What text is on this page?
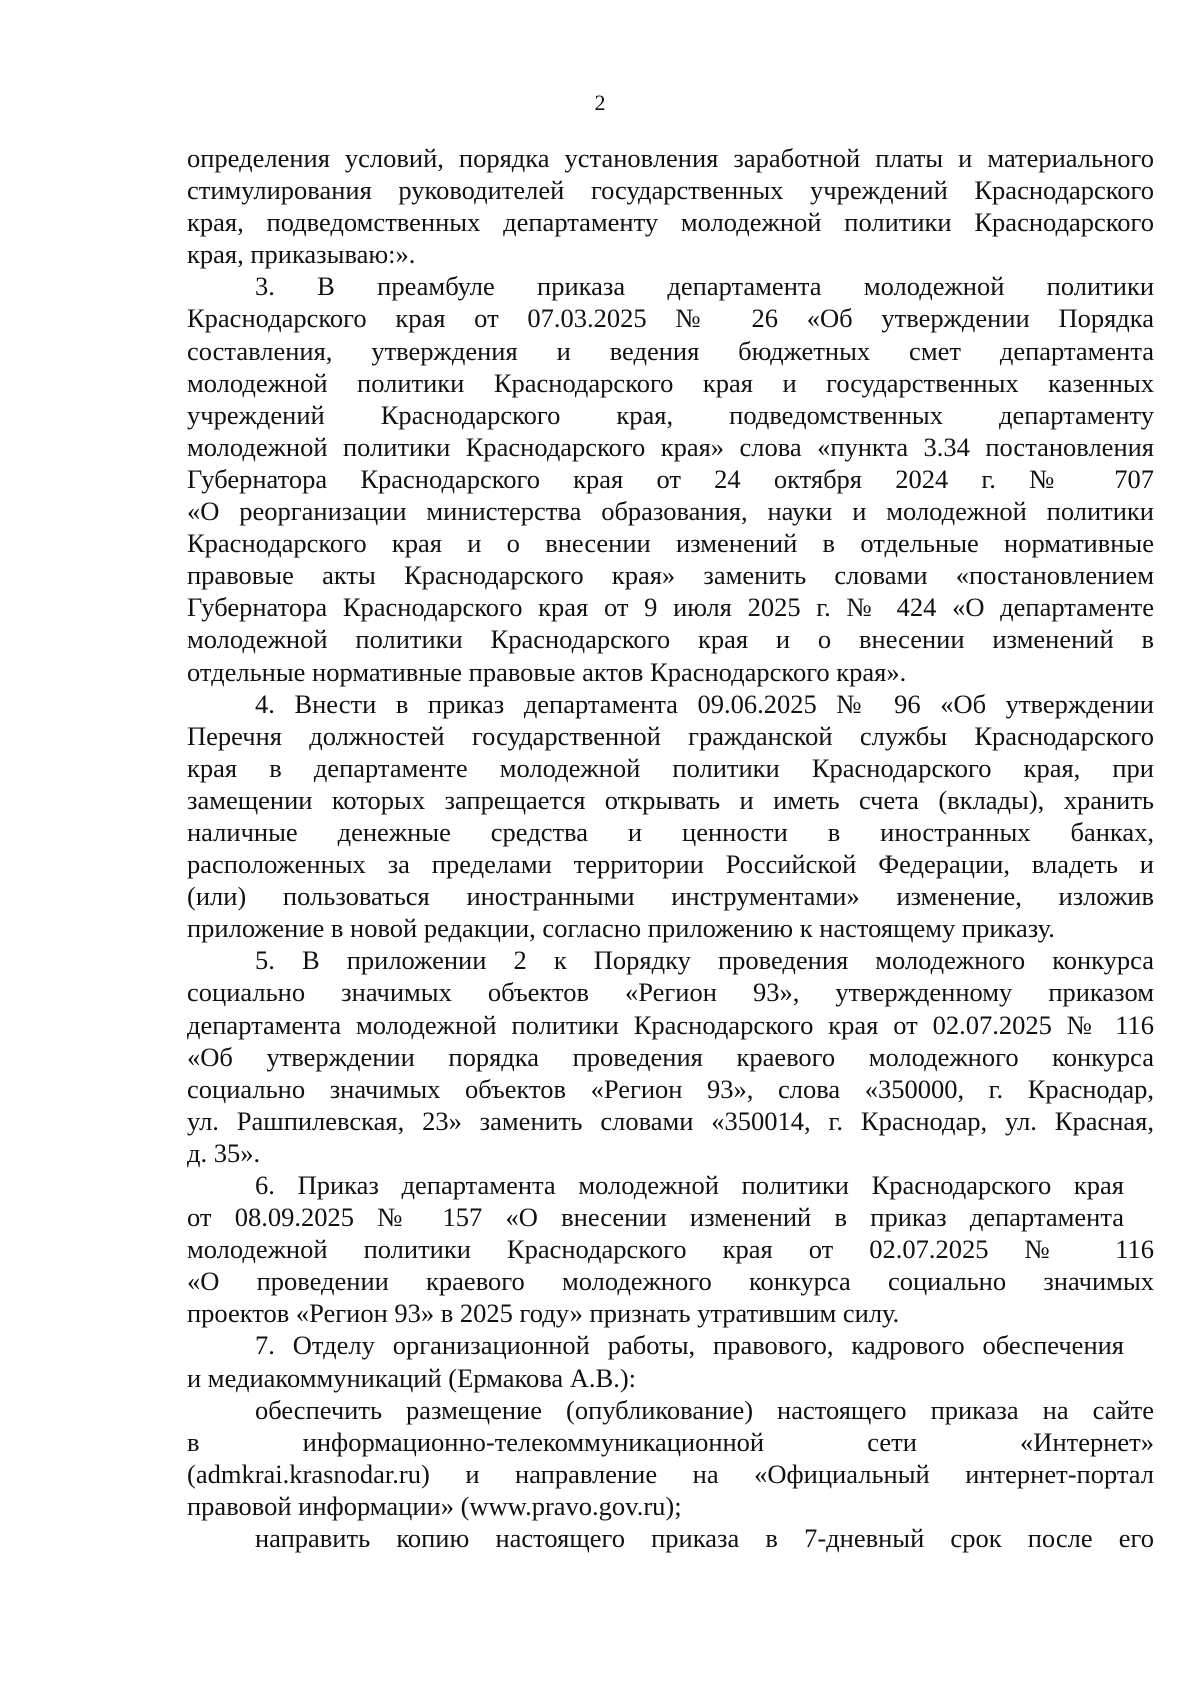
2
определения условий, порядка установления заработной платы и материального
стимулирования руководителей государственных учреждений Краснодарского
края, подведомственных департаменту молодежной политики Краснодарского
края, приказываю:».
3. В преамбуле приказа департамента молодежной политики
Краснодарского края от 07.03.2025 № 26 «Об утверждении Порядка
составления, утверждения и ведения бюджетных смет департамента
молодежной политики Краснодарского края и государственных казенных
учреждений Краснодарского края, подведомственных департаменту
молодежной политики Краснодарского края» слова «пункта 3.34 постановления
Губернатора Краснодарского края от 24 октября 2024 г. № 707
«О реорганизации министерства образования, науки и молодежной политики
Краснодарского края и о внесении изменений в отдельные нормативные
правовые акты Краснодарского края» заменить словами «постановлением
Губернатора Краснодарского края от 9 июля 2025 г. № 424 «О департаменте
молодежной политики Краснодарского края и о внесении изменений в
отдельные нормативные правовые актов Краснодарского края».
4. Внести в приказ департамента 09.06.2025 № 96 «Об утверждении
Перечня должностей государственной гражданской службы Краснодарского
края в департаменте молодежной политики Краснодарского края, при
замещении которых запрещается открывать и иметь счета (вклады), хранить
наличные денежные средства и ценности в иностранных банках,
расположенных за пределами территории Российской Федерации, владеть и
(или) пользоваться иностранными инструментами» изменение, изложив
приложение в новой редакции, согласно приложению к настоящему приказу.
5. В приложении 2 к Порядку проведения молодежного конкурса
социально значимых объектов «Регион 93», утвержденному приказом
департамента молодежной политики Краснодарского края от 02.07.2025 № 116
«Об утверждении порядка проведения краевого молодежного конкурса
социально значимых объектов «Регион 93», слова «350000, г. Краснодар,
ул. Рашпилевская, 23» заменить словами «350014, г. Краснодар, ул. Красная,
д. 35».
6. Приказ департамента молодежной политики Краснодарского края
от 08.09.2025 № 157 «О внесении изменений в приказ департамента
молодежной политики Краснодарского края от 02.07.2025 № 116
«О проведении краевого молодежного конкурса социально значимых
проектов «Регион 93» в 2025 году» признать утратившим силу.
7. Отделу организационной работы, правового, кадрового обеспечения
и медиакоммуникаций (Ермакова А.В.):
обеспечить размещение (опубликование) настоящего приказа на сайте
в информационно-телекоммуникационной сети «Интернет»
(admkrai.krasnodar.ru) и направление на «Официальный интернет-портал
правовой информации» (www.pravo.gov.ru);
направить копию настоящего приказа в 7-дневный срок после его
